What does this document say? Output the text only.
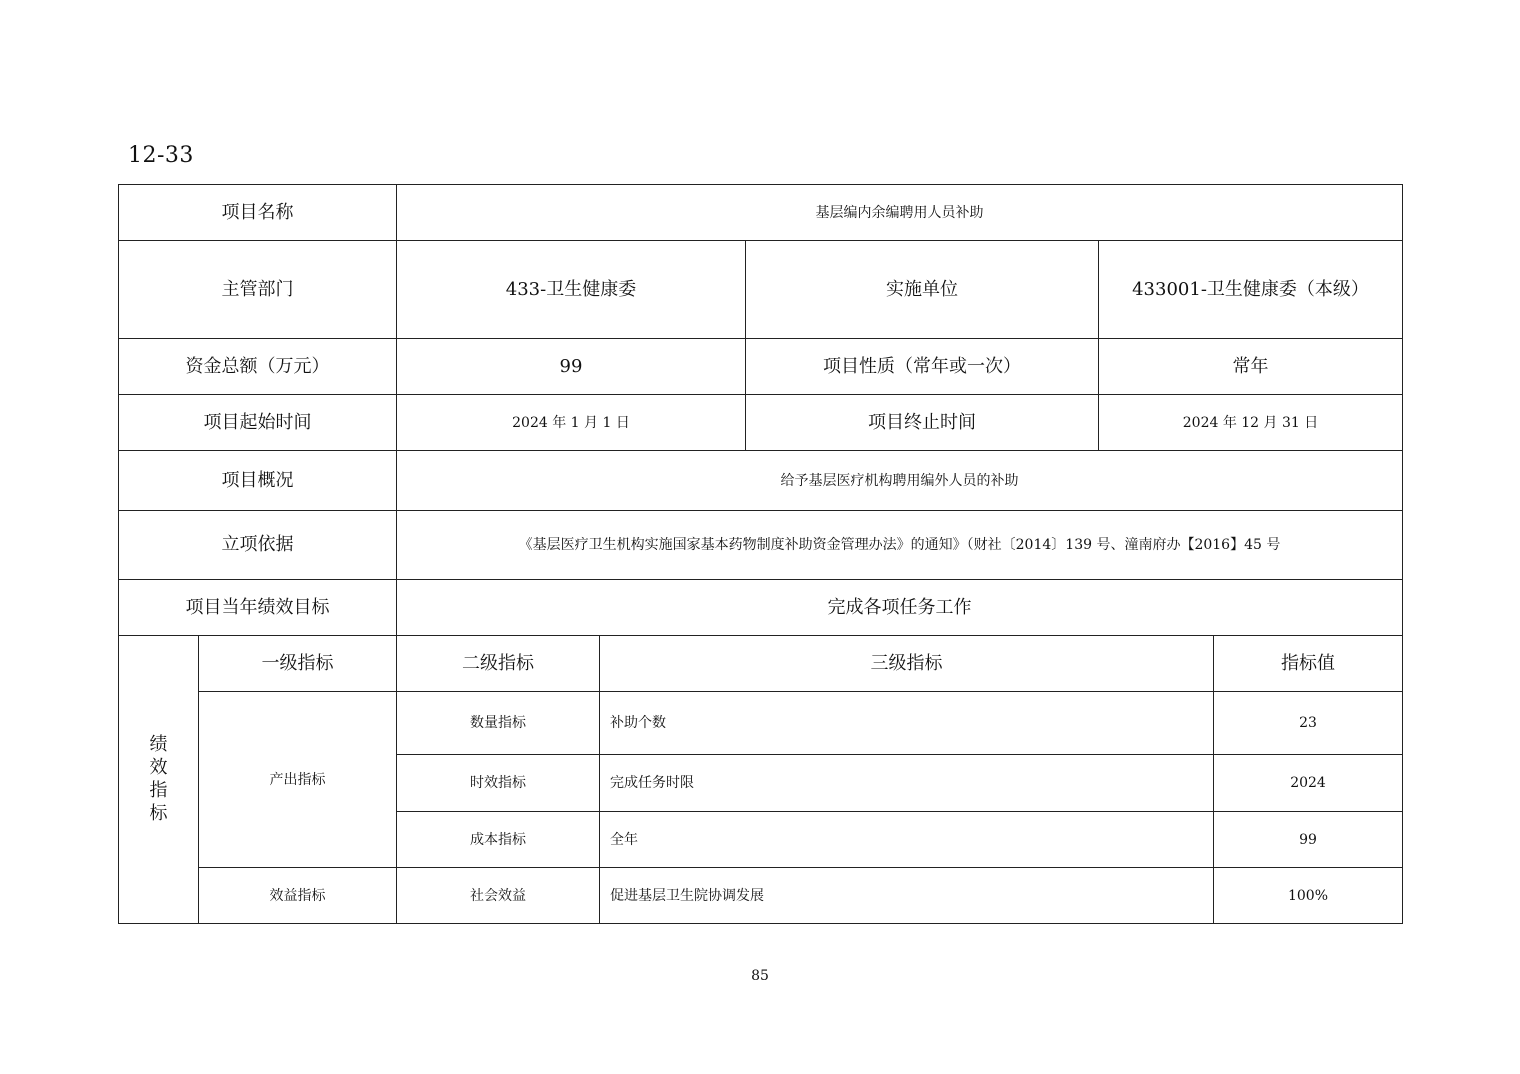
12-33
项目名称		基层编内余编聘用人员补助				
主管部门		433-卫生健康委		实施单位	433001-卫生健康委（本级）	
资金总额（万元）		99		项目性质（常年或一次）	常年	
项目起始时间		2024 年 1 月 1 日		项目终止时间	2024 年 12 月 31 日	
项目概况		给予基层医疗机构聘用编外人员的补助				
立项依据		《基层医疗卫生机构实施国家基本药物制度补助资金管理办法》的通知》（财社〔2014〕139 号、潼南府办【2016】45 号				
项目当年绩效目标		完成各项任务工作				
绩效指标	一级指标	二级指标	三级指标			指标值
	产出指标	数量指标	补助个数			23
		时效指标	完成任务时限			2024
		成本指标	全年			99
	效益指标	社会效益	促进基层卫生院协调发展			100%
85
